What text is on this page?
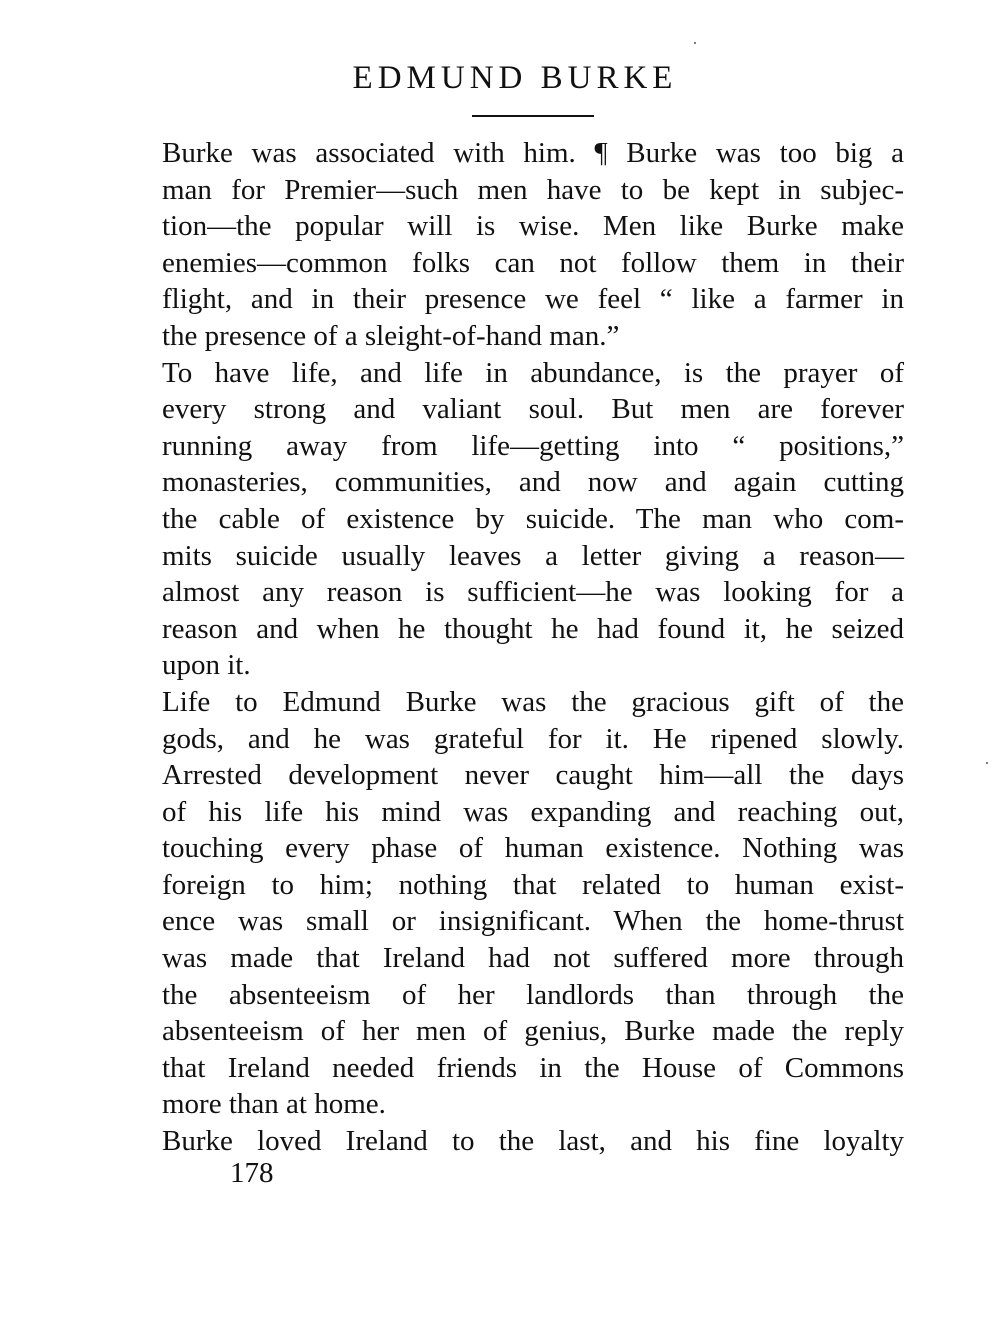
EDMUND BURKE
Burke was associated with him. ¶ Burke was too big a
man for Premier—such men have to be kept in subjec-
tion—the popular will is wise. Men like Burke make
enemies—common folks can not follow them in their
flight, and in their presence we feel “ like a farmer in
the presence of a sleight-of-hand man.”
To have life, and life in abundance, is the prayer of
every strong and valiant soul. But men are forever
running away from life—getting into “ positions,”
monasteries, communities, and now and again cutting
the cable of existence by suicide. The man who com-
mits suicide usually leaves a letter giving a reason—
almost any reason is sufficient—he was looking for a
reason and when he thought he had found it, he seized
upon it.
Life to Edmund Burke was the gracious gift of the
gods, and he was grateful for it. He ripened slowly.
Arrested development never caught him—all the days
of his life his mind was expanding and reaching out,
touching every phase of human existence. Nothing was
foreign to him; nothing that related to human exist-
ence was small or insignificant. When the home-thrust
was made that Ireland had not suffered more through
the absenteeism of her landlords than through the
absenteeism of her men of genius, Burke made the reply
that Ireland needed friends in the House of Commons
more than at home.
Burke loved Ireland to the last, and his fine loyalty
178
